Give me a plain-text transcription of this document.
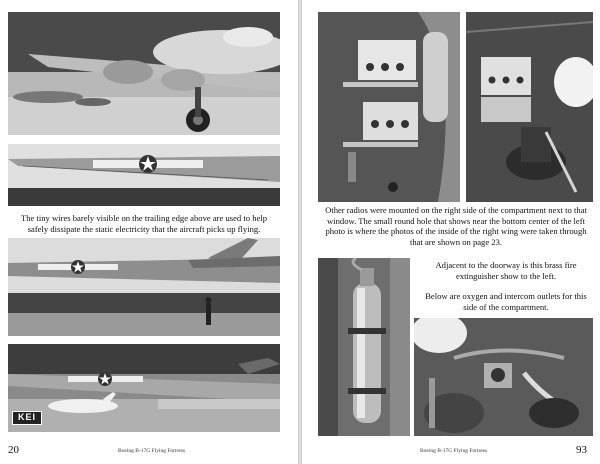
The tiny wires barely visible on the trailing edge above are used to help safely dissipate the static electricity that the aircraft picks up flying.
KEI
20	Boeing B-17G Flying Fortress
Other radios were mounted on the right side of the compartment next to that window. The small round hole that shows near the bottom center of the left photo is where the photos of the inside of the right wing were taken through that are shown on page 23.
Adjacent to the doorway is this brass fire extinguisher show to the left.
Below are oxygen and intercom outlets for this side of the compartment.
Boeing B-17G Flying Fortress	93
